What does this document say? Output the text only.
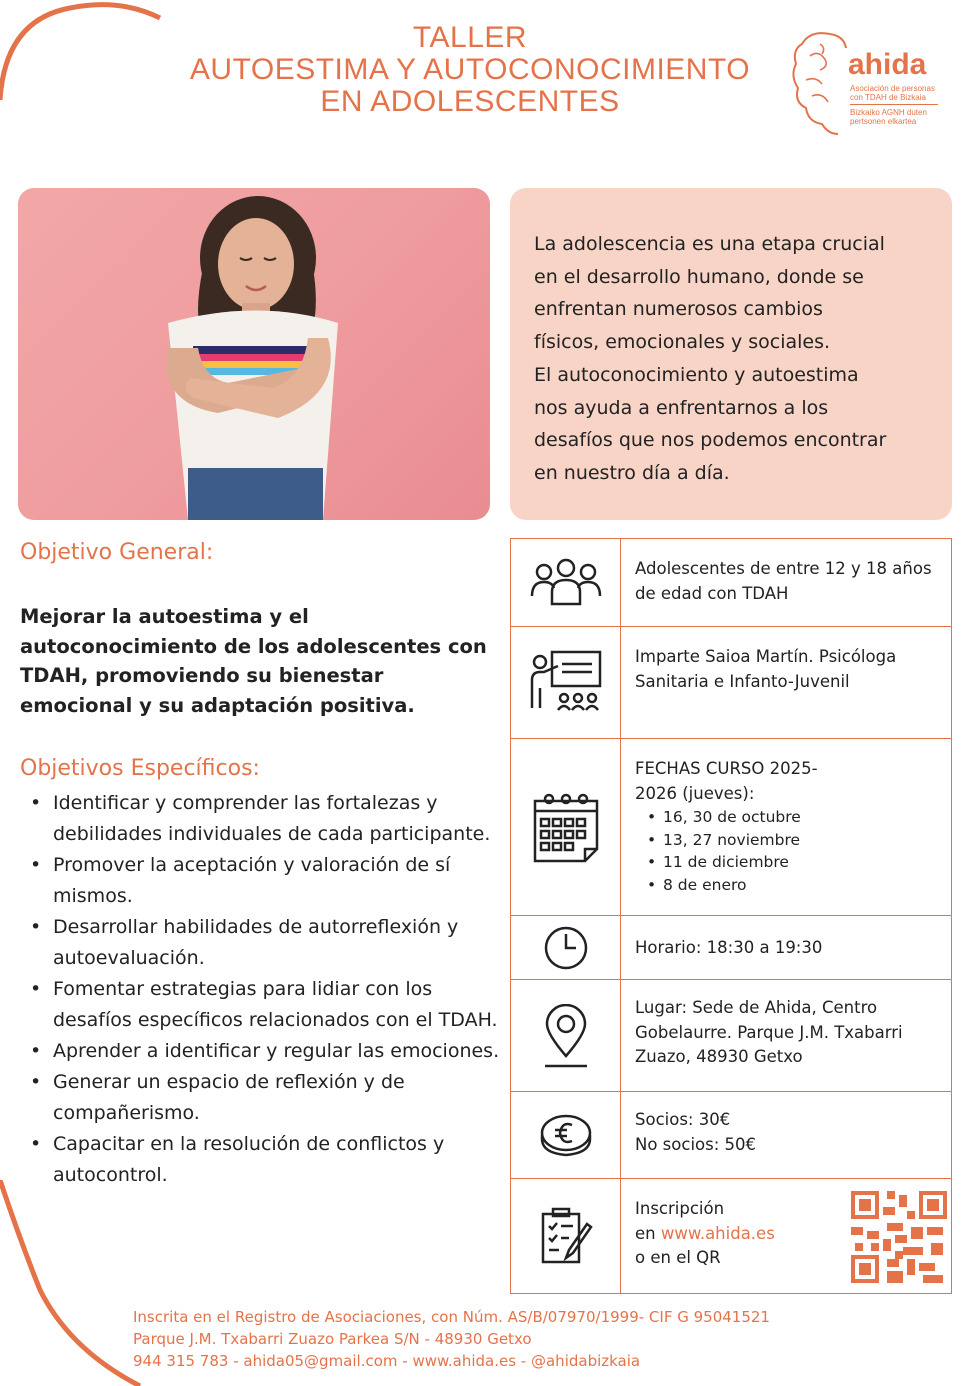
TALLER
AUTOESTIMA Y AUTOCONOCIMIENTO
EN ADOLESCENTES
ahida
Asociación de personas
con TDAH de Bizkaia
Bizkaiko AGNH duten
pertsonen elkartea
La adolescencia es una etapa crucial
en el desarrollo humano, donde se
enfrentan numerosos cambios
físicos, emocionales y sociales.
El autoconocimiento y autoestima
nos ayuda a enfrentarnos a los
desafíos que nos podemos encontrar
en nuestro día a día.
Objetivo General:
Mejorar la autoestima y el autoconocimiento de los adolescentes con TDAH, promoviendo su bienestar emocional y su adaptación positiva.
Objetivos Específicos:
• Identificar y comprender las fortalezas y debilidades individuales de cada participante.
• Promover la aceptación y valoración de sí mismos.
• Desarrollar habilidades de autorreflexión y autoevaluación.
• Fomentar estrategias para lidiar con los desafíos específicos relacionados con el TDAH.
• Aprender a identificar y regular las emociones.
• Generar un espacio de reflexión y de compañerismo.
• Capacitar en la resolución de conflictos y autocontrol.
Adolescentes de entre 12 y 18 años de edad con TDAH
Imparte Saioa Martín. Psicóloga Sanitaria e Infanto-Juvenil
FECHAS CURSO 2025-2026 (jueves):
• 16, 30 de octubre
• 13, 27 noviembre
• 11 de diciembre
• 8 de enero
Horario: 18:30 a 19:30
Lugar: Sede de Ahida, Centro Gobelaurre. Parque J.M. Txabarri Zuazo, 48930 Getxo
Socios: 30€
No socios: 50€
Inscripción
en www.ahida.es
o en el QR
Inscrita en el Registro de Asociaciones, con Núm. AS/B/07970/1999- CIF G 95041521
Parque J.M. Txabarri Zuazo Parkea S/N - 48930 Getxo
944 315 783 - ahida05@gmail.com - www.ahida.es - @ahidabizkaia
